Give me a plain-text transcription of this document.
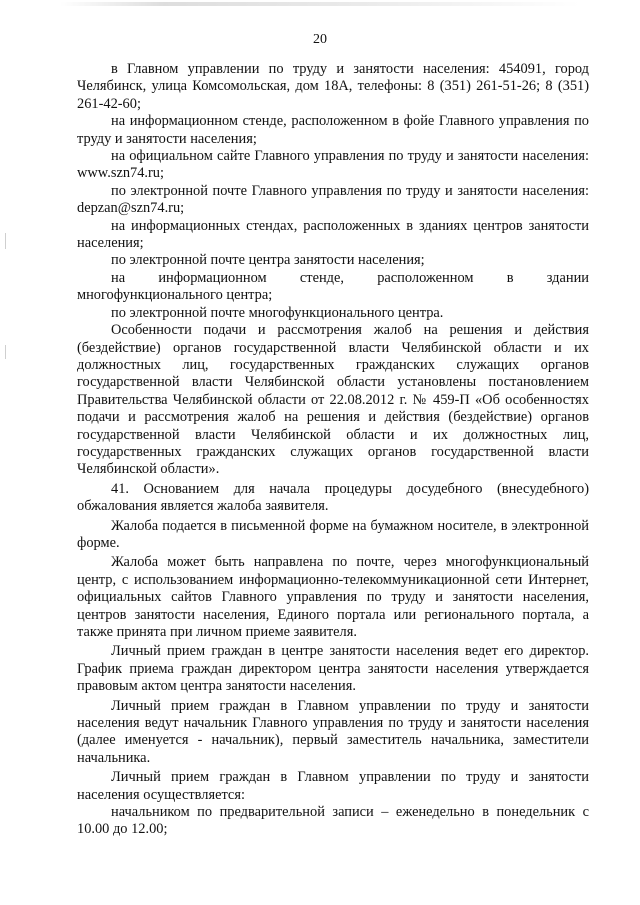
20

в Главном управлении по труду и занятости населения: 454091, город Челябинск, улица Комсомольская, дом 18А, телефоны: 8 (351) 261-51-26; 8 (351) 261-42-60;

на информационном стенде, расположенном в фойе Главного управления по труду и занятости населения;

на официальном сайте Главного управления по труду и занятости населения: www.szn74.ru;

по электронной почте Главного управления по труду и занятости населения: depzan@szn74.ru;

на информационных стендах, расположенных в зданиях центров занятости населения;

по электронной почте центра занятости населения;

на информационном стенде, расположенном в здании многофункционального центра;

по электронной почте многофункционального центра.

Особенности подачи и рассмотрения жалоб на решения и действия (бездействие) органов государственной власти Челябинской области и их должностных лиц, государственных гражданских служащих органов государственной власти Челябинской области установлены постановлением Правительства Челябинской области от 22.08.2012 г. № 459-П «Об особенностях подачи и рассмотрения жалоб на решения и действия (бездействие) органов государственной власти Челябинской области и их должностных лиц, государственных гражданских служащих органов государственной власти Челябинской области».

41. Основанием для начала процедуры досудебного (внесудебного) обжалования является жалоба заявителя.

Жалоба подается в письменной форме на бумажном носителе, в электронной форме.

Жалоба может быть направлена по почте, через многофункциональный центр, с использованием информационно-телекоммуникационной сети Интернет, официальных сайтов Главного управления по труду и занятости населения, центров занятости населения, Единого портала или регионального портала, а также принята при личном приеме заявителя.

Личный прием граждан в центре занятости населения ведет его директор. График приема граждан директором центра занятости населения утверждается правовым актом центра занятости населения.

Личный прием граждан в Главном управлении по труду и занятости населения ведут начальник Главного управления по труду и занятости населения (далее именуется - начальник), первый заместитель начальника, заместители начальника.

Личный прием граждан в Главном управлении по труду и занятости населения осуществляется:

начальником по предварительной записи – еженедельно в понедельник с 10.00 до 12.00;
